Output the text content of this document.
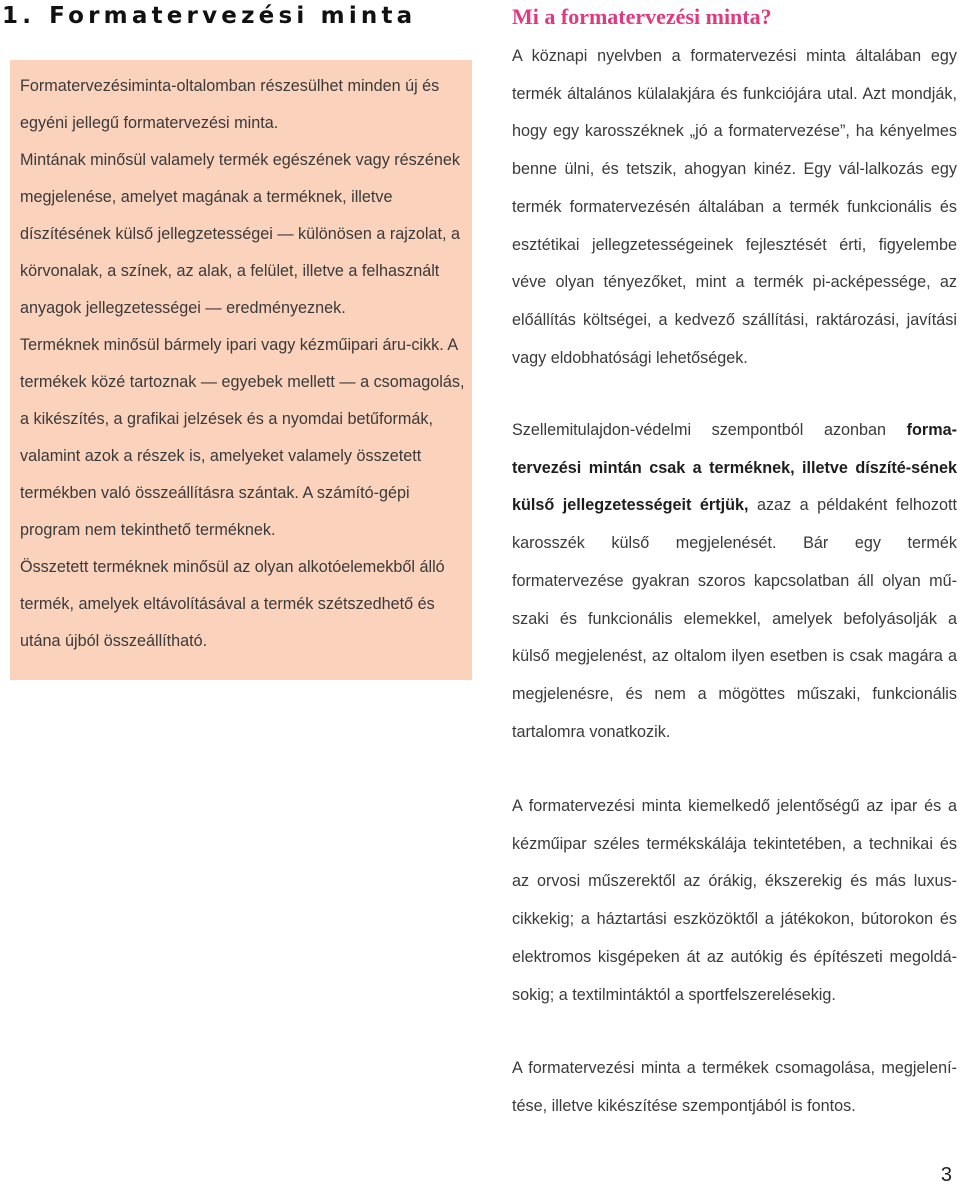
1. Formatervezési minta

Formatervezésiminta-oltalomban részesülhet minden új és egyéni jellegű formatervezési minta.

Mintának minősül valamely termék egészének vagy részének megjelenése, amelyet magának a terméknek, illetve díszítésének külső jellegzetességei — különösen a rajzolat, a körvonalak, a színek, az alak, a felület, illetve a felhasznált anyagok jellegzetességei — eredményeznek.

Terméknek minősül bármely ipari vagy kézműipari áru-cikk. A termékek közé tartoznak — egyebek mellett — a csomagolás, a kikészítés, a grafikai jelzések és a nyomdai betűformák, valamint azok a részek is, amelyeket valamely összetett termékben való összeállításra szántak. A számító-gépi program nem tekinthető terméknek.

Összetett terméknek minősül az olyan alkotóelemekből álló termék, amelyek eltávolításával a termék szétszedhető és utána újból összeállítható.

Mi a formatervezési minta?

A köznapi nyelvben a formatervezési minta általában egy termék általános külalakjára és funkciójára utal. Azt mondják, hogy egy karosszéknek „jó a formatervezése”, ha kényelmes benne ülni, és tetszik, ahogyan kinéz. Egy vál-lalkozás egy termék formatervezésén általában a termék funkcionális és esztétikai jellegzetességeinek fejlesztését érti, figyelembe véve olyan tényezőket, mint a termék pi-acképessége, az előállítás költségei, a kedvező szállítási, raktározási, javítási vagy eldobhatósági lehetőségek.

Szellemitulajdon-védelmi szempontból azonban forma-tervezési mintán csak a terméknek, illetve díszíté-sének külső jellegzetességeit értjük, azaz a példaként felhozott karosszék külső megjelenését. Bár egy termék formatervezése gyakran szoros kapcsolatban áll olyan mű-szaki és funkcionális elemekkel, amelyek befolyásolják a külső megjelenést, az oltalom ilyen esetben is csak magára a megjelenésre, és nem a mögöttes műszaki, funkcionális tartalomra vonatkozik.

A formatervezési minta kiemelkedő jelentőségű az ipar és a kézműipar széles termékskálája tekintetében, a technikai és az orvosi műszerektől az órákig, ékszerekig és más luxus-cikkekig; a háztartási eszközöktől a játékokon, bútorokon és elektromos kisgépeken át az autókig és építészeti megoldá-sokig; a textilmintáktól a sportfelszerelésekig.

A formatervezési minta a termékek csomagolása, megjelení-tése, illetve kikészítése szempontjából is fontos.

3
